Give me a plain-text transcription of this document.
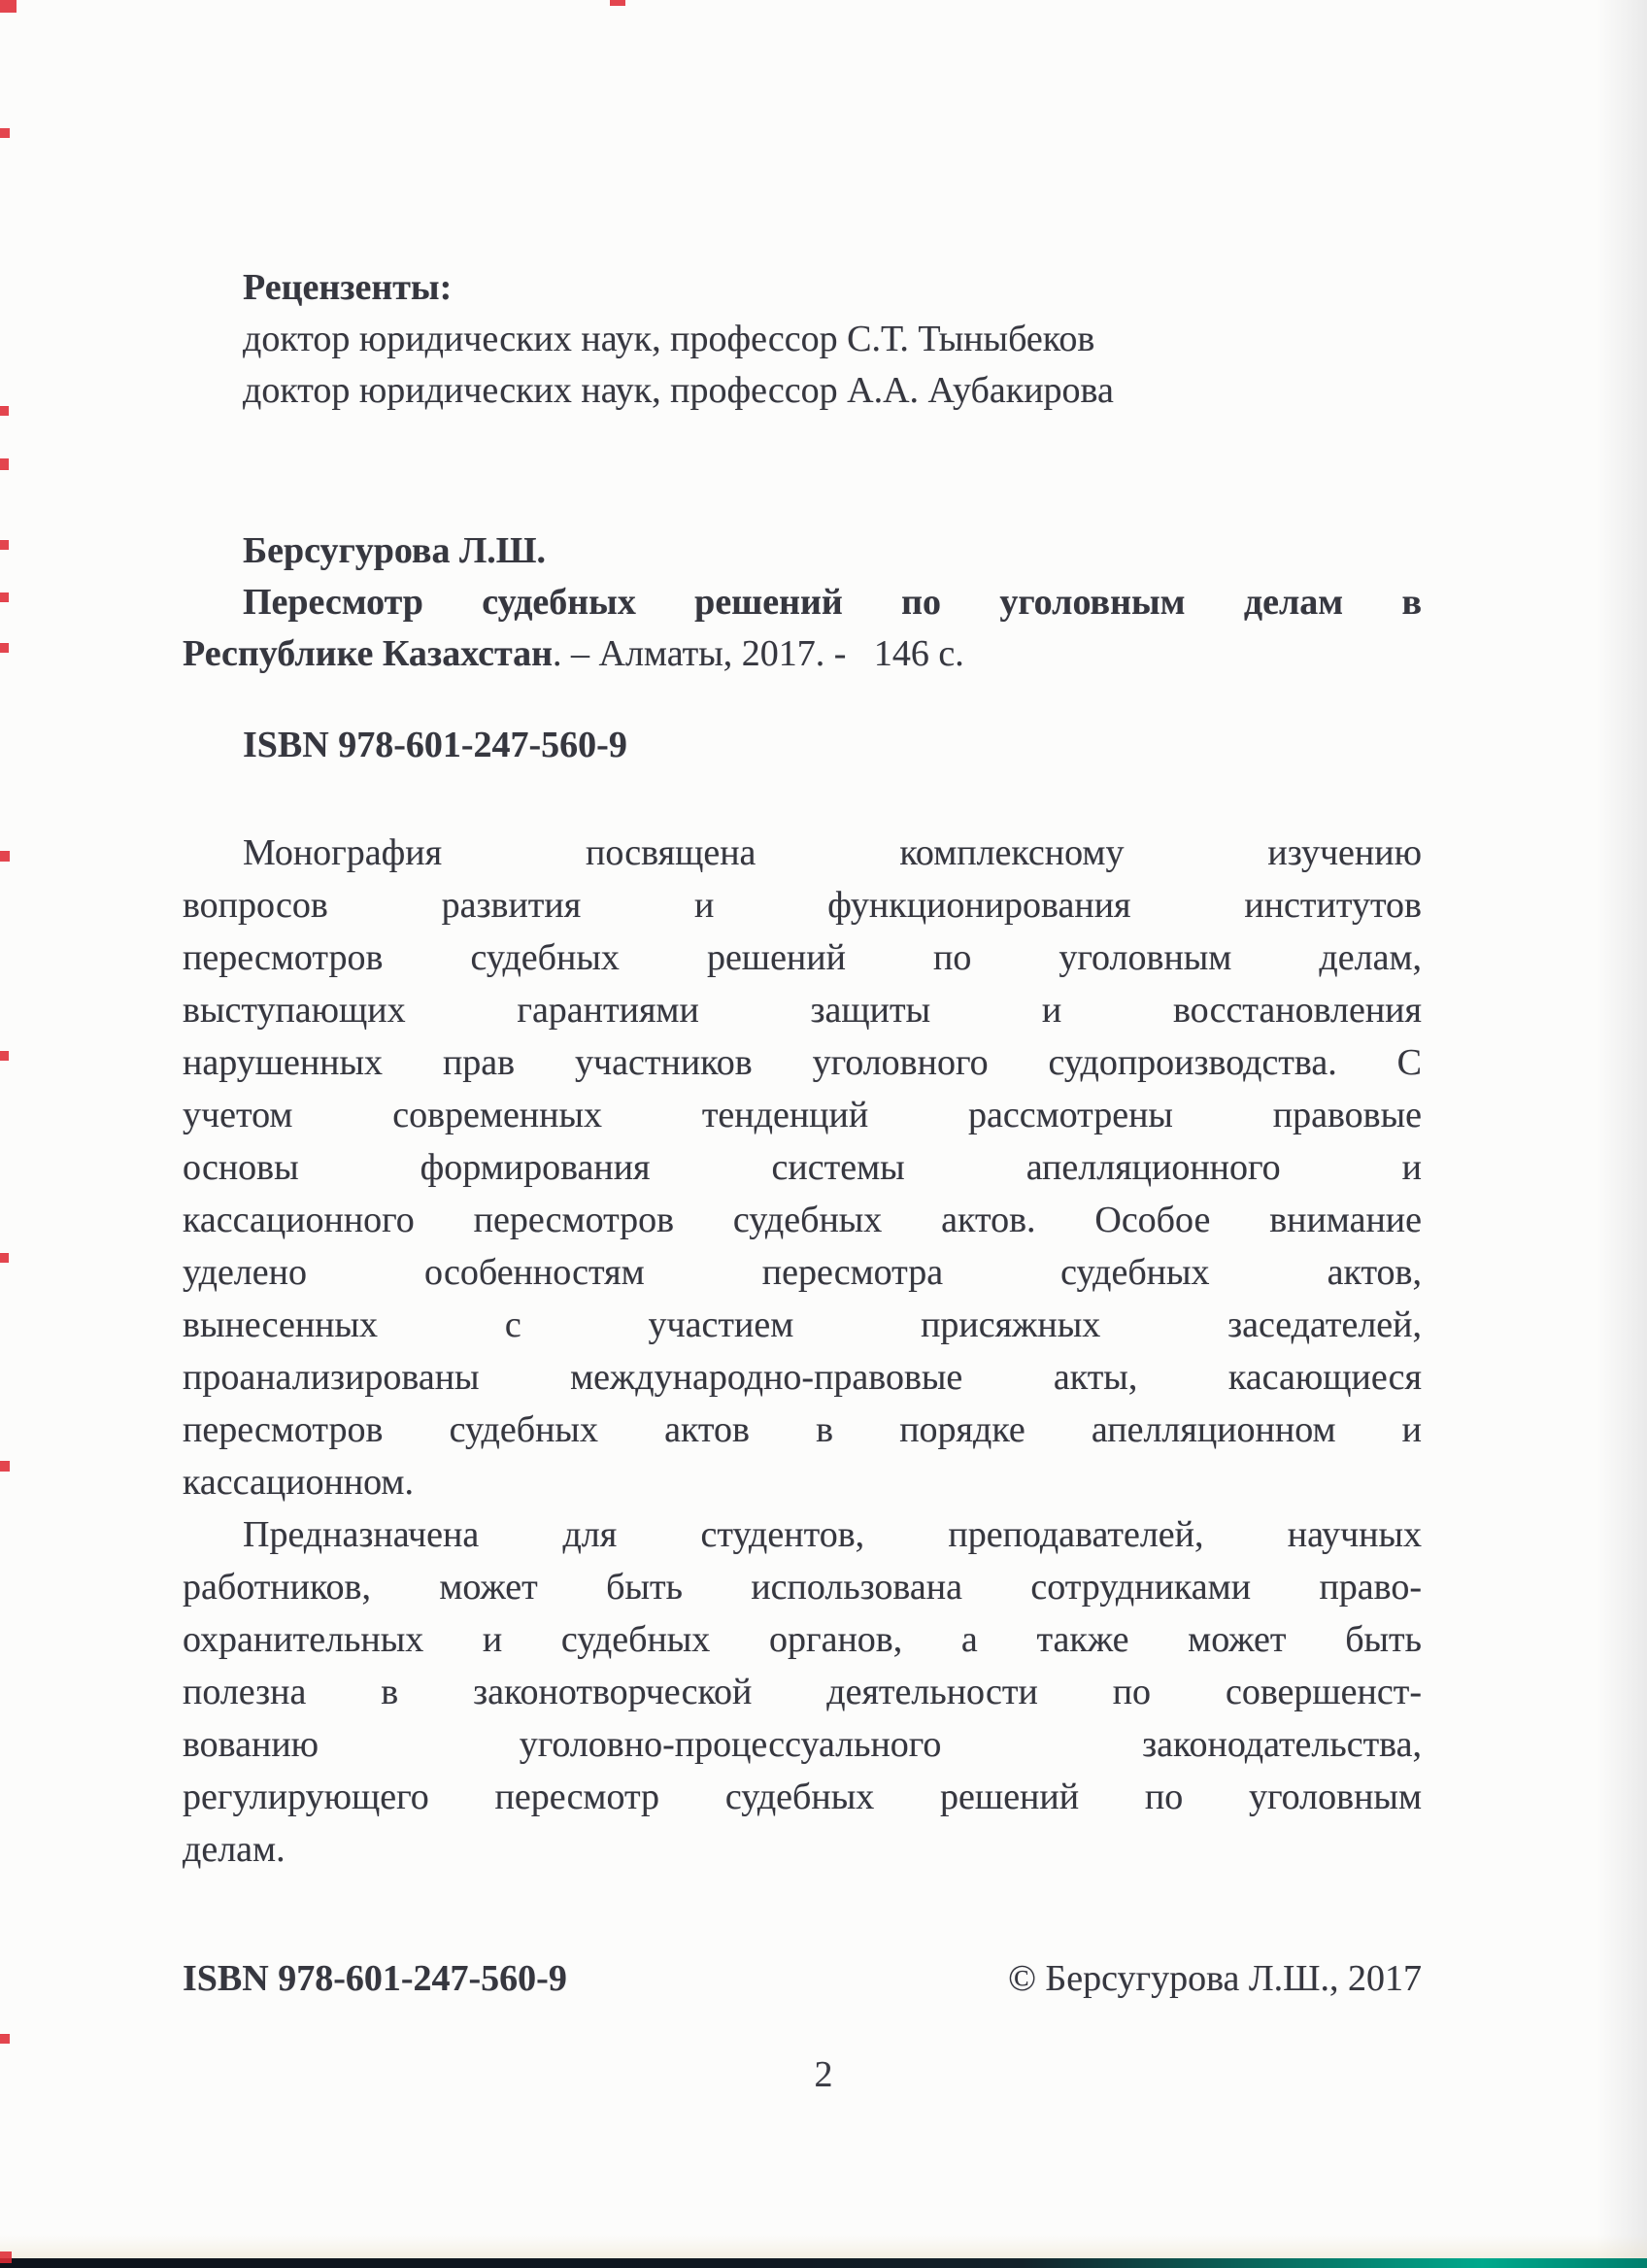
Рецензенты:
доктор юридических наук, профессор С.Т. Тыныбеков
доктор юридических наук, профессор А.А. Аубакирова
Берсугурова Л.Ш.
Пересмотр судебных решений по уголовным делам в
Республике Казахстан. – Алматы, 2017. -   146 с.
ISBN 978-601-247-560-9
Монография посвящена комплексному изучению
вопросов развития и функционирования институтов
пересмотров судебных решений по уголовным делам,
выступающих гарантиями защиты и восстановления
нарушенных прав участников уголовного судопроизводства. С
учетом современных тенденций рассмотрены правовые
основы формирования системы апелляционного и
кассационного пересмотров судебных актов. Особое внимание
уделено особенностям пересмотра судебных актов,
вынесенных с участием присяжных заседателей,
проанализированы международно-правовые акты, касающиеся
пересмотров судебных актов в порядке апелляционном и
кассационном.
Предназначена для студентов, преподавателей, научных
работников, может быть использована сотрудниками право-
охранительных и судебных органов, а также может быть
полезна в законотворческой деятельности по совершенст-
вованию уголовно-процессуального законодательства,
регулирующего пересмотр судебных решений по уголовным
делам.
ISBN 978-601-247-560-9	© Берсугурова Л.Ш., 2017
2
